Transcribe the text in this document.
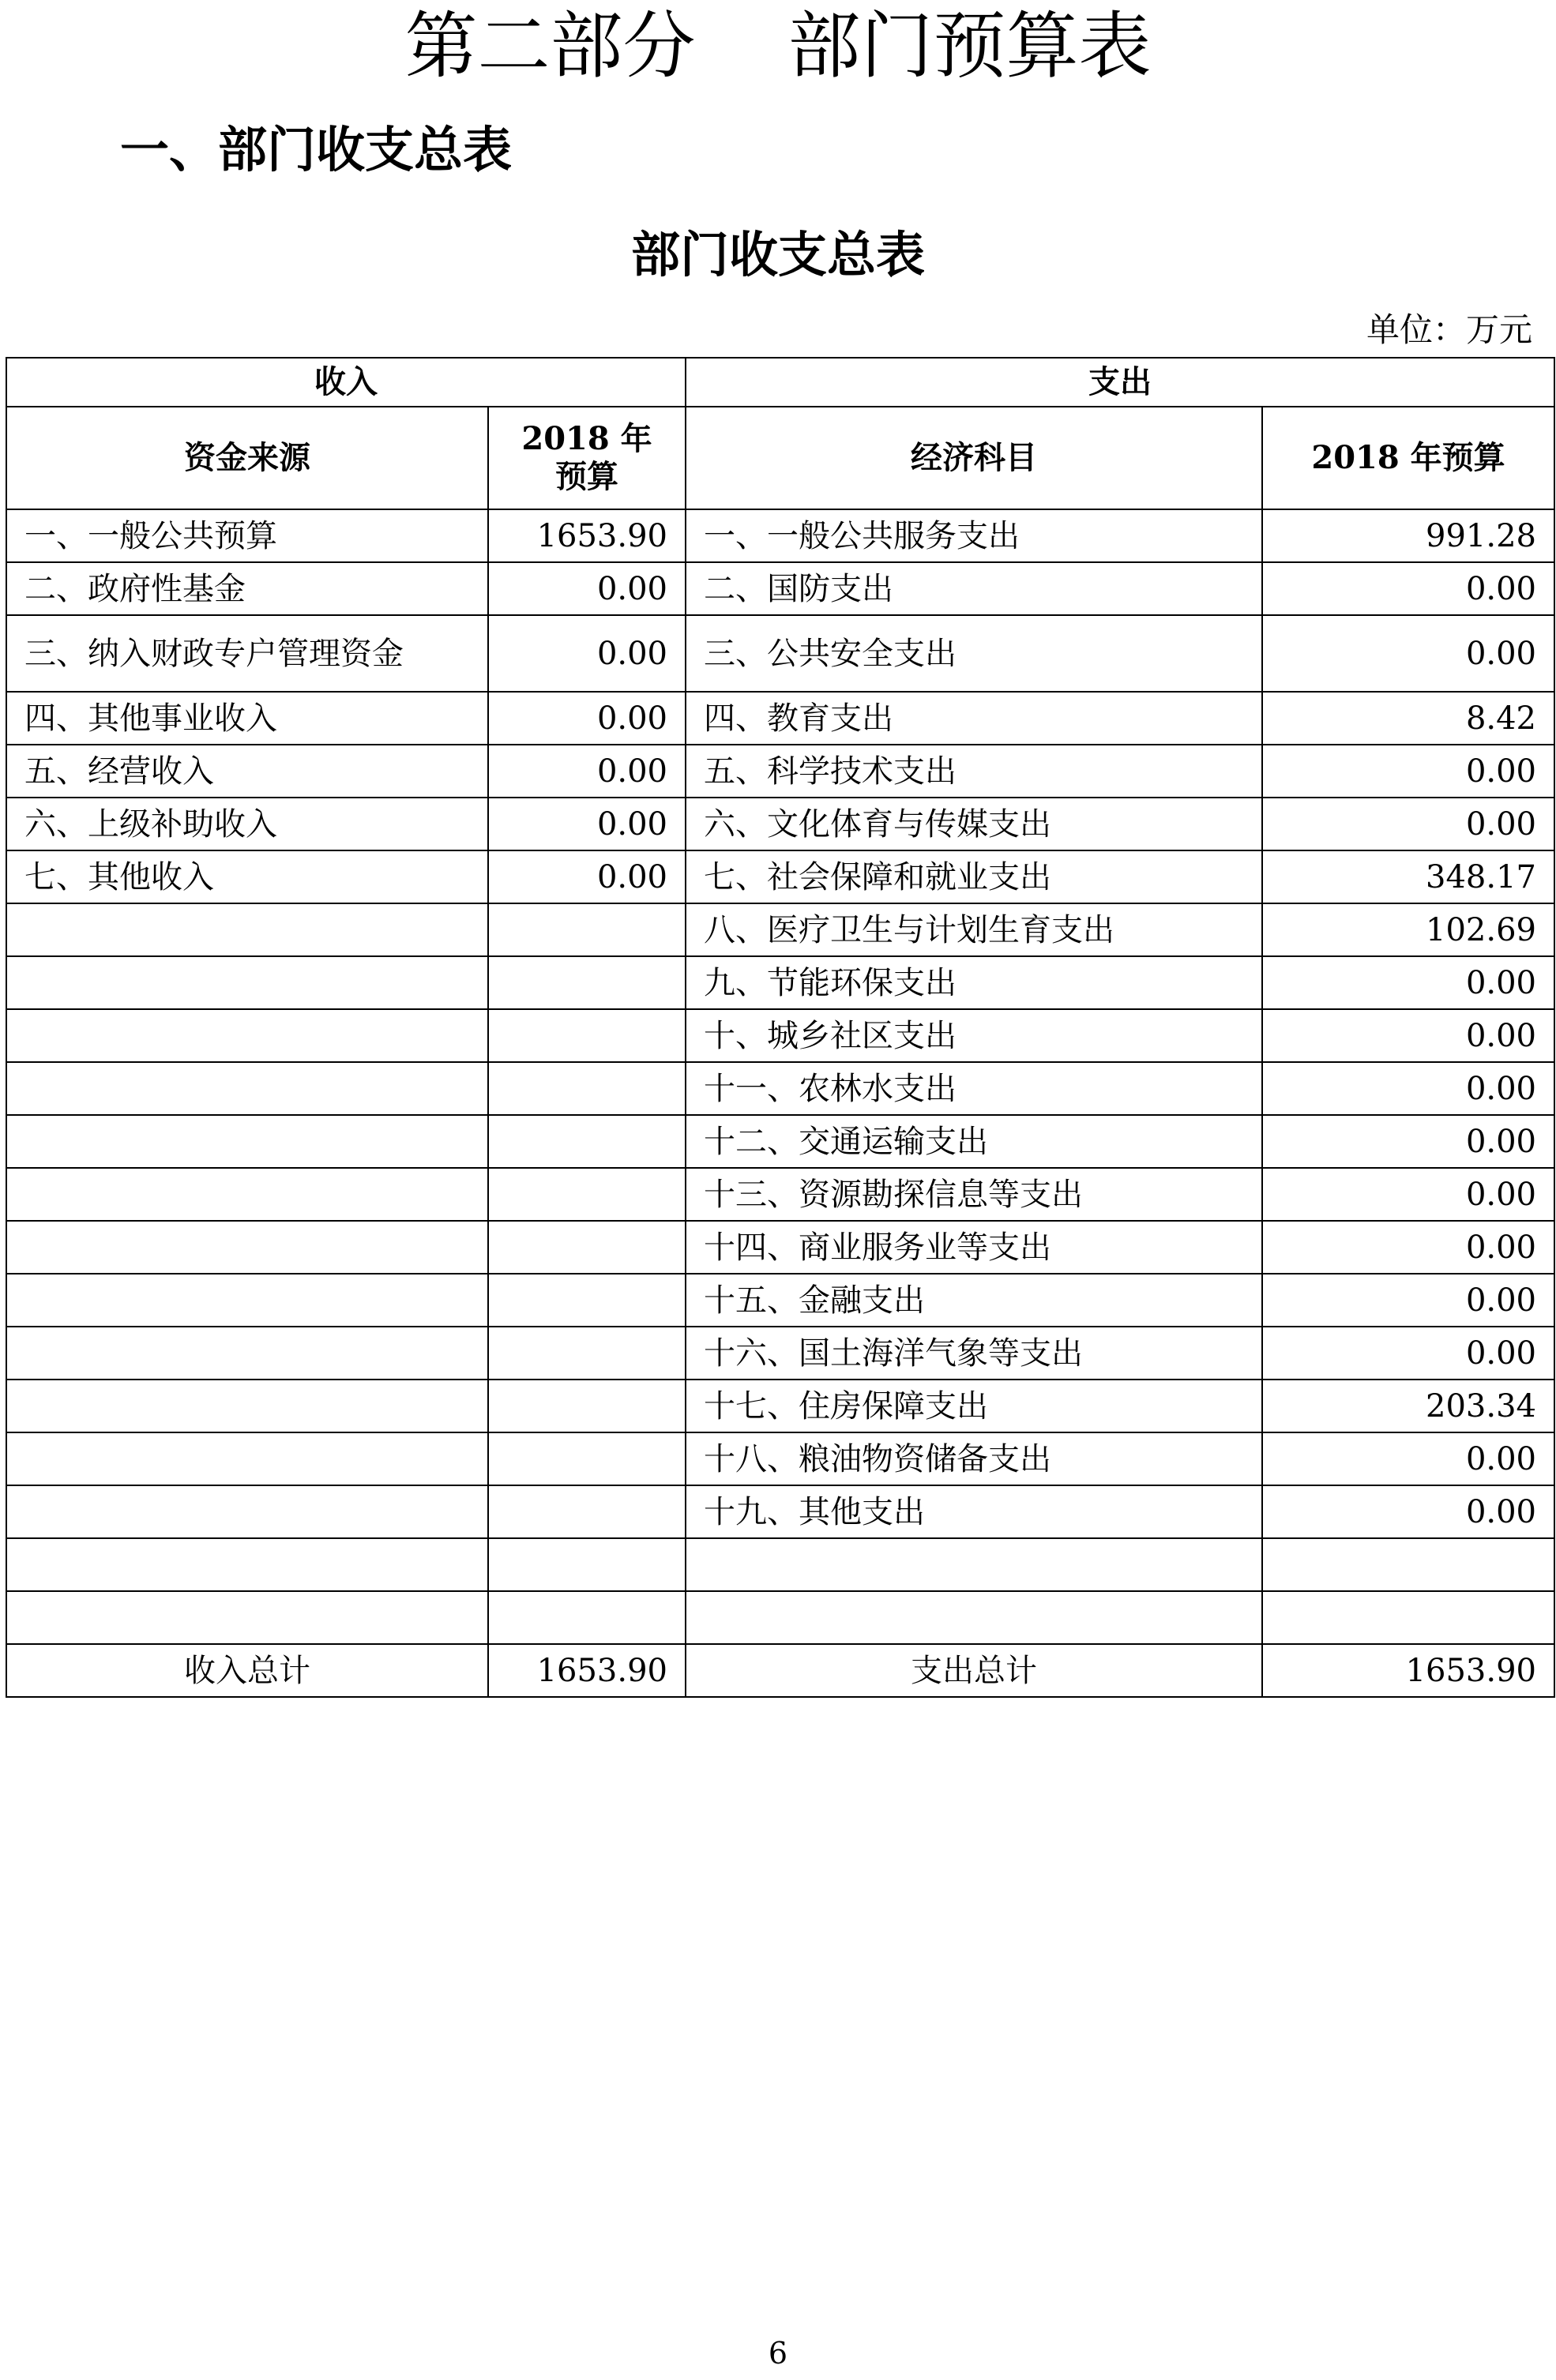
第二部分    部门预算表
一、部门收支总表
部门收支总表
单位：万元
收入		支出	
资金来源	2018 年预算	经济科目	2018 年预算
一、一般公共预算	1653.90	一、一般公共服务支出	991.28
二、政府性基金	0.00	二、国防支出	0.00
三、纳入财政专户管理资金	0.00	三、公共安全支出	0.00
四、其他事业收入	0.00	四、教育支出	8.42
五、经营收入	0.00	五、科学技术支出	0.00
六、上级补助收入	0.00	六、文化体育与传媒支出	0.00
七、其他收入	0.00	七、社会保障和就业支出	348.17
		八、医疗卫生与计划生育支出	102.69
		九、节能环保支出	0.00
		十、城乡社区支出	0.00
		十一、农林水支出	0.00
		十二、交通运输支出	0.00
		十三、资源勘探信息等支出	0.00
		十四、商业服务业等支出	0.00
		十五、金融支出	0.00
		十六、国土海洋气象等支出	0.00
		十七、住房保障支出	203.34
		十八、粮油物资储备支出	0.00
		十九、其他支出	0.00

收入总计	1653.90	支出总计	1653.90
6
